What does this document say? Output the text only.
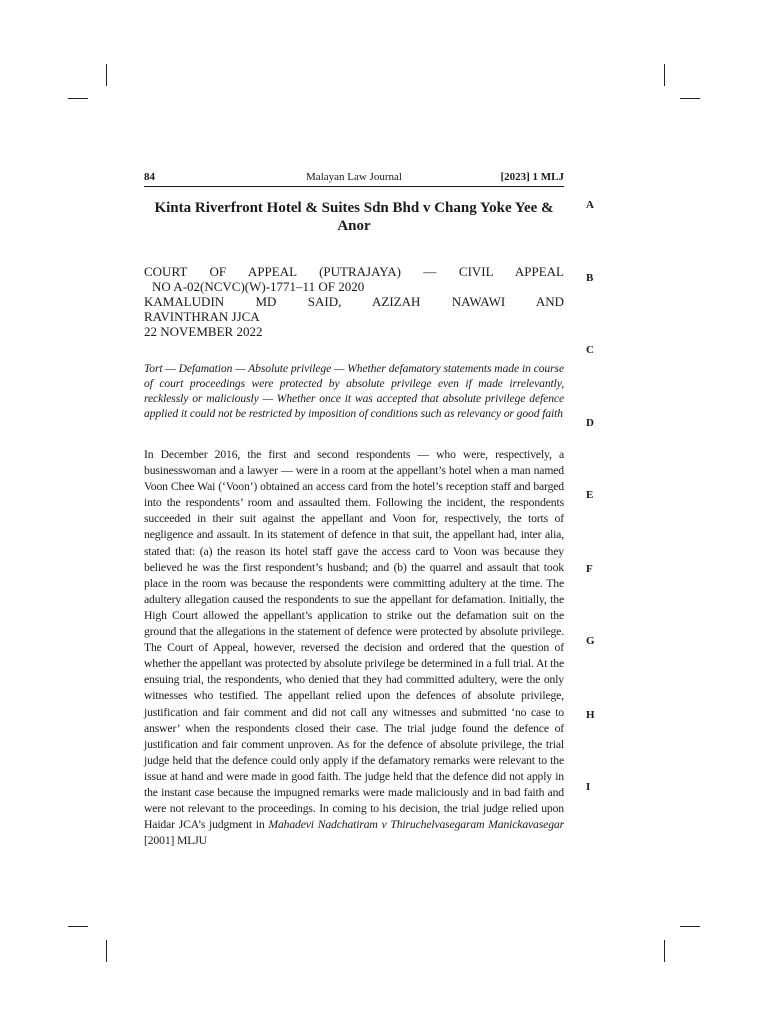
84	Malayan Law Journal	[2023] 1 MLJ
Kinta Riverfront Hotel & Suites Sdn Bhd v Chang Yoke Yee & Anor
COURT OF APPEAL (PUTRAJAYA) — CIVIL APPEAL
NO A-02(NCVC)(W)-1771–11 OF 2020
KAMALUDIN MD SAID, AZIZAH NAWAWI AND
RAVINTHRAN JJCA
22 NOVEMBER 2022
Tort — Defamation — Absolute privilege — Whether defamatory statements made in course of court proceedings were protected by absolute privilege even if made irrelevantly, recklessly or maliciously — Whether once it was accepted that absolute privilege defence applied it could not be restricted by imposition of conditions such as relevancy or good faith
In December 2016, the first and second respondents — who were, respectively, a businesswoman and a lawyer — were in a room at the appellant’s hotel when a man named Voon Chee Wai (‘Voon’) obtained an access card from the hotel’s reception staff and barged into the respondents’ room and assaulted them. Following the incident, the respondents succeeded in their suit against the appellant and Voon for, respectively, the torts of negligence and assault. In its statement of defence in that suit, the appellant had, inter alia, stated that: (a) the reason its hotel staff gave the access card to Voon was because they believed he was the first respondent’s husband; and (b) the quarrel and assault that took place in the room was because the respondents were committing adultery at the time. The adultery allegation caused the respondents to sue the appellant for defamation. Initially, the High Court allowed the appellant’s application to strike out the defamation suit on the ground that the allegations in the statement of defence were protected by absolute privilege. The Court of Appeal, however, reversed the decision and ordered that the question of whether the appellant was protected by absolute privilege be determined in a full trial. At the ensuing trial, the respondents, who denied that they had committed adultery, were the only witnesses who testified. The appellant relied upon the defences of absolute privilege, justification and fair comment and did not call any witnesses and submitted ‘no case to answer’ when the respondents closed their case. The trial judge found the defence of justification and fair comment unproven. As for the defence of absolute privilege, the trial judge held that the defence could only apply if the defamatory remarks were relevant to the issue at hand and were made in good faith. The judge held that the defence did not apply in the instant case because the impugned remarks were made maliciously and in bad faith and were not relevant to the proceedings. In coming to his decision, the trial judge relied upon Haidar JCA’s judgment in Mahadevi Nadchatiram v Thiruchelvasegaram Manickavasegar [2001] MLJU
A
B
C
D
E
F
G
H
I
